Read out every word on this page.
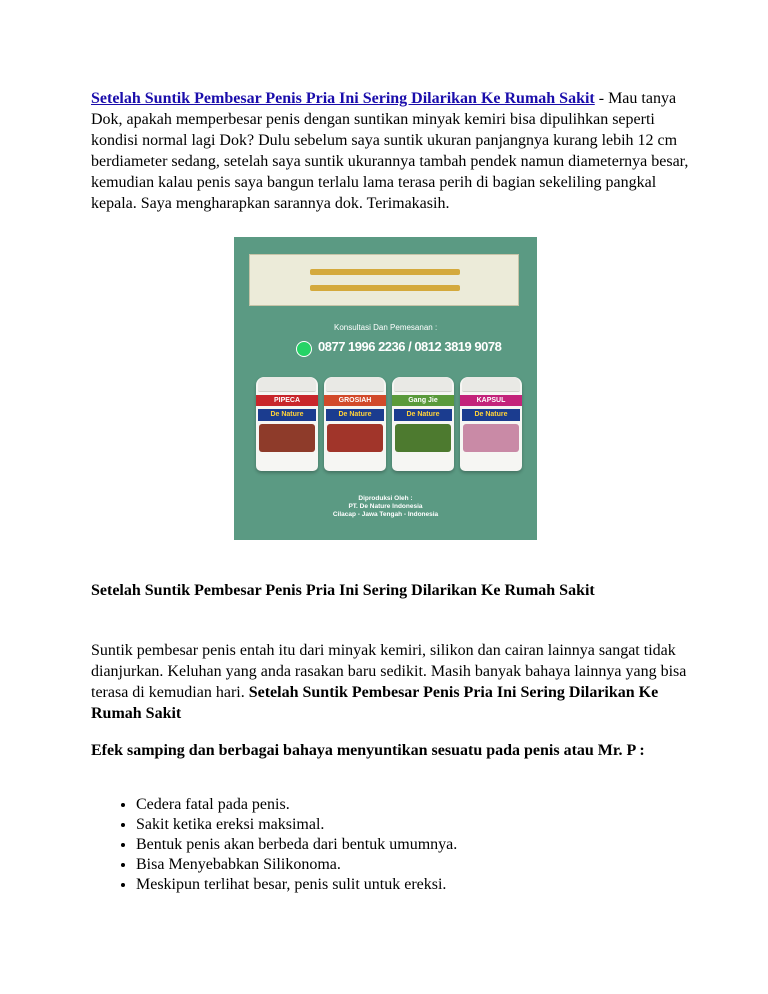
Setelah Suntik Pembesar Penis Pria Ini Sering Dilarikan Ke Rumah Sakit - Mau tanya Dok, apakah memperbesar penis dengan suntikan minyak kemiri bisa dipulihkan seperti kondisi normal lagi Dok? Dulu sebelum saya suntik ukuran panjangnya kurang lebih 12 cm berdiameter sedang, setelah saya suntik ukurannya tambah pendek namun diameternya besar, kemudian kalau penis saya bangun terlalu lama terasa perih di bagian sekeliling pangkal kepala. Saya mengharapkan sarannya dok. Terimakasih.

Konsultasi Dan Pemesanan :
0877 1996 2236 / 0812 3819 9078
PIPECA
De Nature
GROSIAH
De Nature
Gang Jie
De Nature
KAPSUL
De Nature
Diproduksi Oleh :
PT. De Nature Indonesia
Cilacap - Jawa Tengah - Indonesia
Setelah Suntik Pembesar Penis Pria Ini Sering Dilarikan Ke Rumah Sakit

Suntik pembesar penis entah itu dari minyak kemiri, silikon dan cairan lainnya sangat tidak dianjurkan. Keluhan yang anda rasakan baru sedikit. Masih banyak bahaya lainnya yang bisa terasa di kemudian hari. Setelah Suntik Pembesar Penis Pria Ini Sering Dilarikan Ke Rumah Sakit

Efek samping dan berbagai bahaya menyuntikan sesuatu pada penis atau Mr. P :

• Cedera fatal pada penis.
• Sakit ketika ereksi maksimal.
• Bentuk penis akan berbeda dari bentuk umumnya.
• Bisa Menyebabkan Silikonoma.
• Meskipun terlihat besar, penis sulit untuk ereksi.
